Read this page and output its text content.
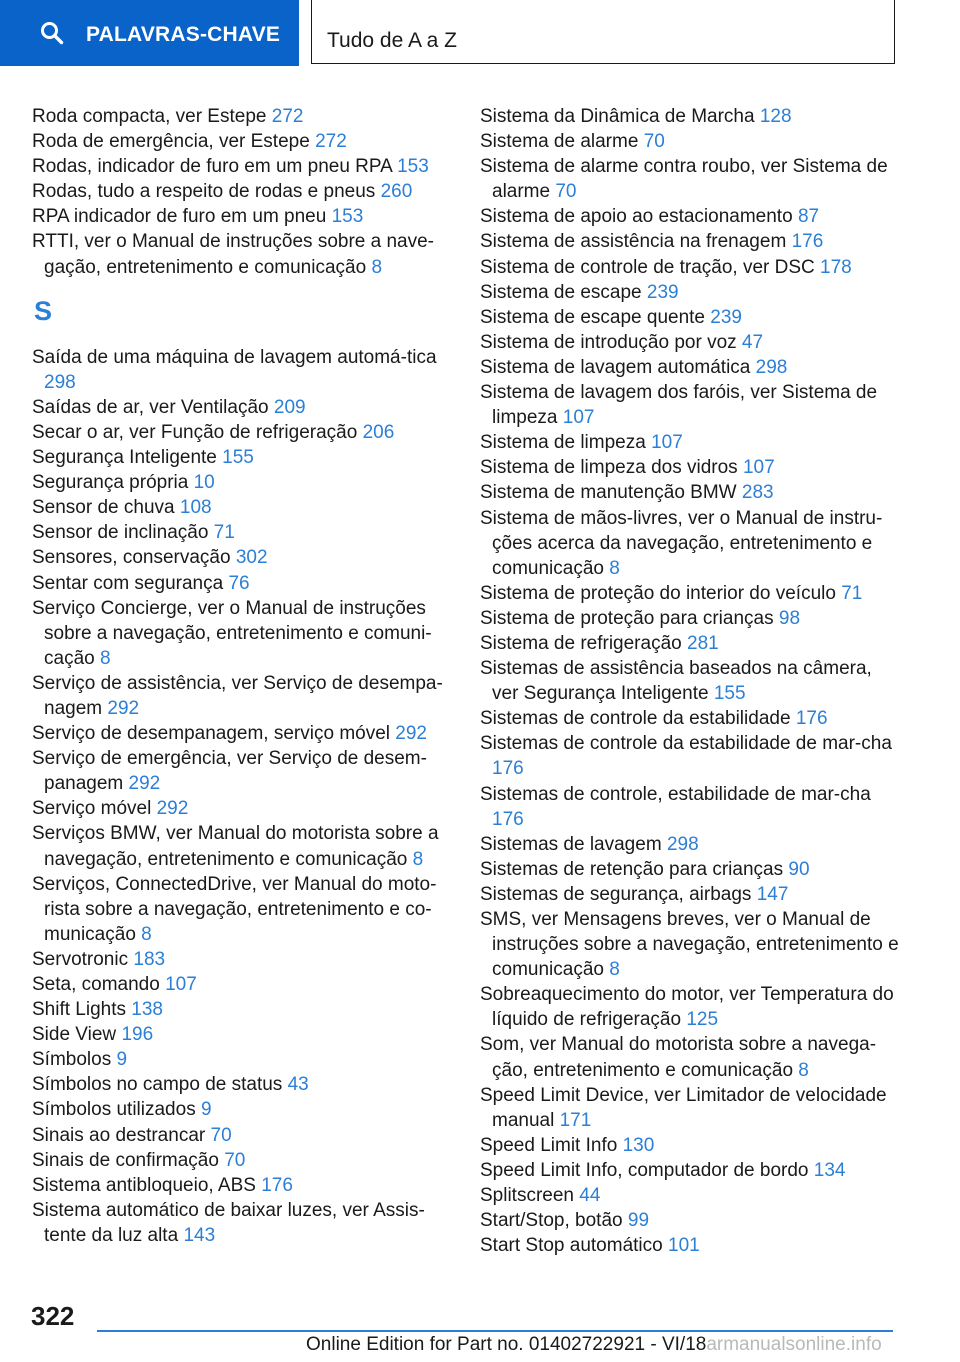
PALAVRAS-CHAVE Tudo de A a Z
Roda compacta, ver Estepe 272
Roda de emergência, ver Estepe 272
Rodas, indicador de furo em um pneu RPA 153
Rodas, tudo a respeito de rodas e pneus 260
RPA indicador de furo em um pneu 153
RTTI, ver o Manual de instruções sobre a nave‐gação, entretenimento e comunicação 8
S
Saída de uma máquina de lavagem automá‐tica 298
Saídas de ar, ver Ventilação 209
Secar o ar, ver Função de refrigeração 206
Segurança Inteligente 155
Segurança própria 10
Sensor de chuva 108
Sensor de inclinação 71
Sensores, conservação 302
Sentar com segurança 76
Serviço Concierge, ver o Manual de instruções sobre a navegação, entretenimento e comuni‐cação 8
Serviço de assistência, ver Serviço de desempa‐nagem 292
Serviço de desempanagem, serviço móvel 292
Serviço de emergência, ver Serviço de desem‐panagem 292
Serviço móvel 292
Serviços BMW, ver Manual do motorista sobre a navegação, entretenimento e comunicação 8
Serviços, ConnectedDrive, ver Manual do moto‐rista sobre a navegação, entretenimento e co‐municação 8
Servotronic 183
Seta, comando 107
Shift Lights 138
Side View 196
Símbolos 9
Símbolos no campo de status 43
Símbolos utilizados 9
Sinais ao destrancar 70
Sinais de confirmação 70
Sistema antibloqueio, ABS 176
Sistema automático de baixar luzes, ver Assis‐tente da luz alta 143
Sistema da Dinâmica de Marcha 128
Sistema de alarme 70
Sistema de alarme contra roubo, ver Sistema de alarme 70
Sistema de apoio ao estacionamento 87
Sistema de assistência na frenagem 176
Sistema de controle de tração, ver DSC 178
Sistema de escape 239
Sistema de escape quente 239
Sistema de introdução por voz 47
Sistema de lavagem automática 298
Sistema de lavagem dos faróis, ver Sistema de limpeza 107
Sistema de limpeza 107
Sistema de limpeza dos vidros 107
Sistema de manutenção BMW 283
Sistema de mãos-livres, ver o Manual de instru‐ções acerca da navegação, entretenimento e comunicação 8
Sistema de proteção do interior do veículo 71
Sistema de proteção para crianças 98
Sistema de refrigeração 281
Sistemas de assistência baseados na câmera, ver Segurança Inteligente 155
Sistemas de controle da estabilidade 176
Sistemas de controle da estabilidade de mar‐cha 176
Sistemas de controle, estabilidade de mar‐cha 176
Sistemas de lavagem 298
Sistemas de retenção para crianças 90
Sistemas de segurança, airbags 147
SMS, ver Mensagens breves, ver o Manual de instruções sobre a navegação, entretenimento e comunicação 8
Sobreaquecimento do motor, ver Temperatura do líquido de refrigeração 125
Som, ver Manual do motorista sobre a navega‐ção, entretenimento e comunicação 8
Speed Limit Device, ver Limitador de velocidade manual 171
Speed Limit Info 130
Speed Limit Info, computador de bordo 134
Splitscreen 44
Start/Stop, botão 99
Start Stop automático 101
322
Online Edition for Part no. 01402722921 - VI/18armanualsonline.info
